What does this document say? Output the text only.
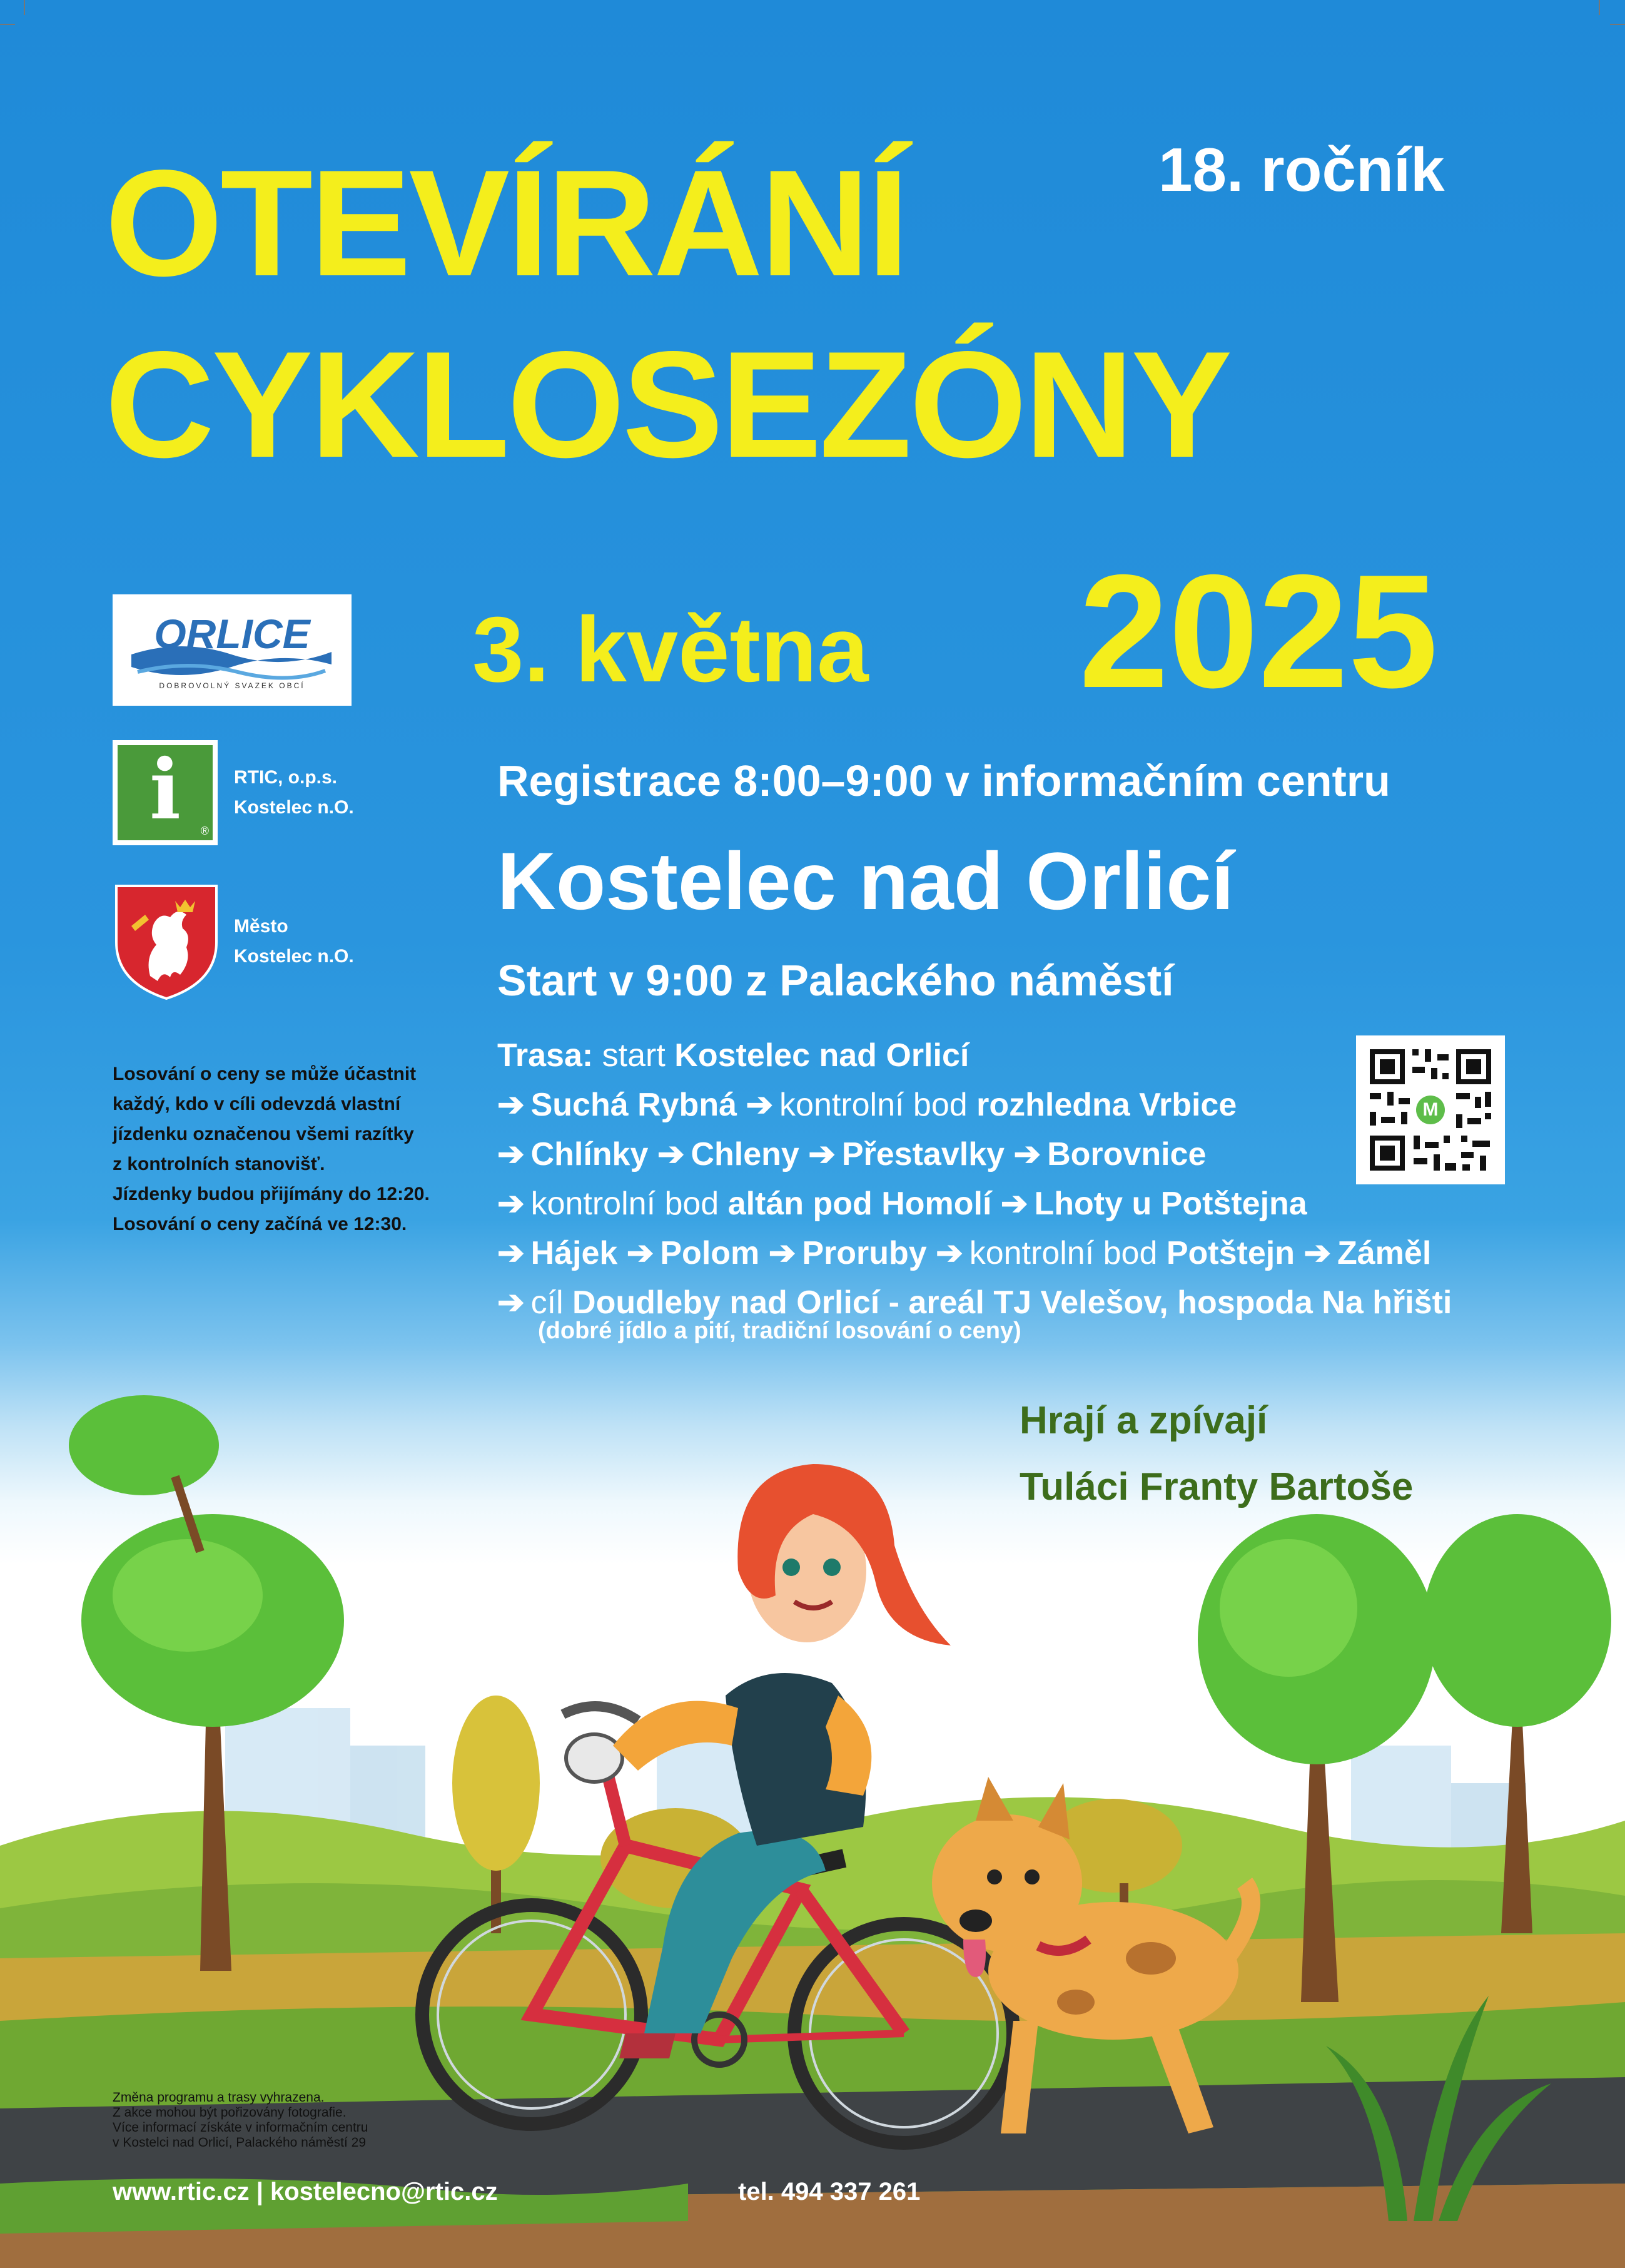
OTEVÍRÁNÍ
CYKLOSEZÓNY
18. ročník
3. května 2025
Registrace 8:00–9:00 v informačním centru
Kostelec nad Orlicí
Start v 9:00 z Palackého náměstí
Trasa: start Kostelec nad Orlicí
➔ Suchá Rybná ➔ kontrolní bod rozhledna Vrbice
➔ Chlínky ➔ Chleny ➔ Přestavlky ➔ Borovnice
➔ kontrolní bod altán pod Homolí ➔ Lhoty u Potštejna
➔ Hájek ➔ Polom ➔ Proruby ➔ kontrolní bod Potštejn ➔ Záměl
➔ cíl Doudleby nad Orlicí - areál TJ Velešov, hospoda Na hřišti
(dobré jídlo a pití, tradiční losování o ceny)
M
ORLICE
DOBROVOLNÝ SVAZEK OBCÍ
i	®
RTIC, o.p.s.
Kostelec n.O.
Město
Kostelec n.O.
Losování o ceny se může účastnit
každý, kdo v cíli odevzdá vlastní
jízdenku označenou všemi razítky
z kontrolních stanovišť.
Jízdenky budou přijímány do 12:20.
Losování o ceny začíná ve 12:30.
Hrají a zpívají
Tuláci Franty Bartoše
Změna programu a trasy vyhrazena.
Z akce mohou být pořizovány fotografie.
Více informací získáte v informačním centru
v Kostelci nad Orlicí, Palackého náměstí 29
www.rtic.cz | kostelecno@rtic.cz	tel. 494 337 261
